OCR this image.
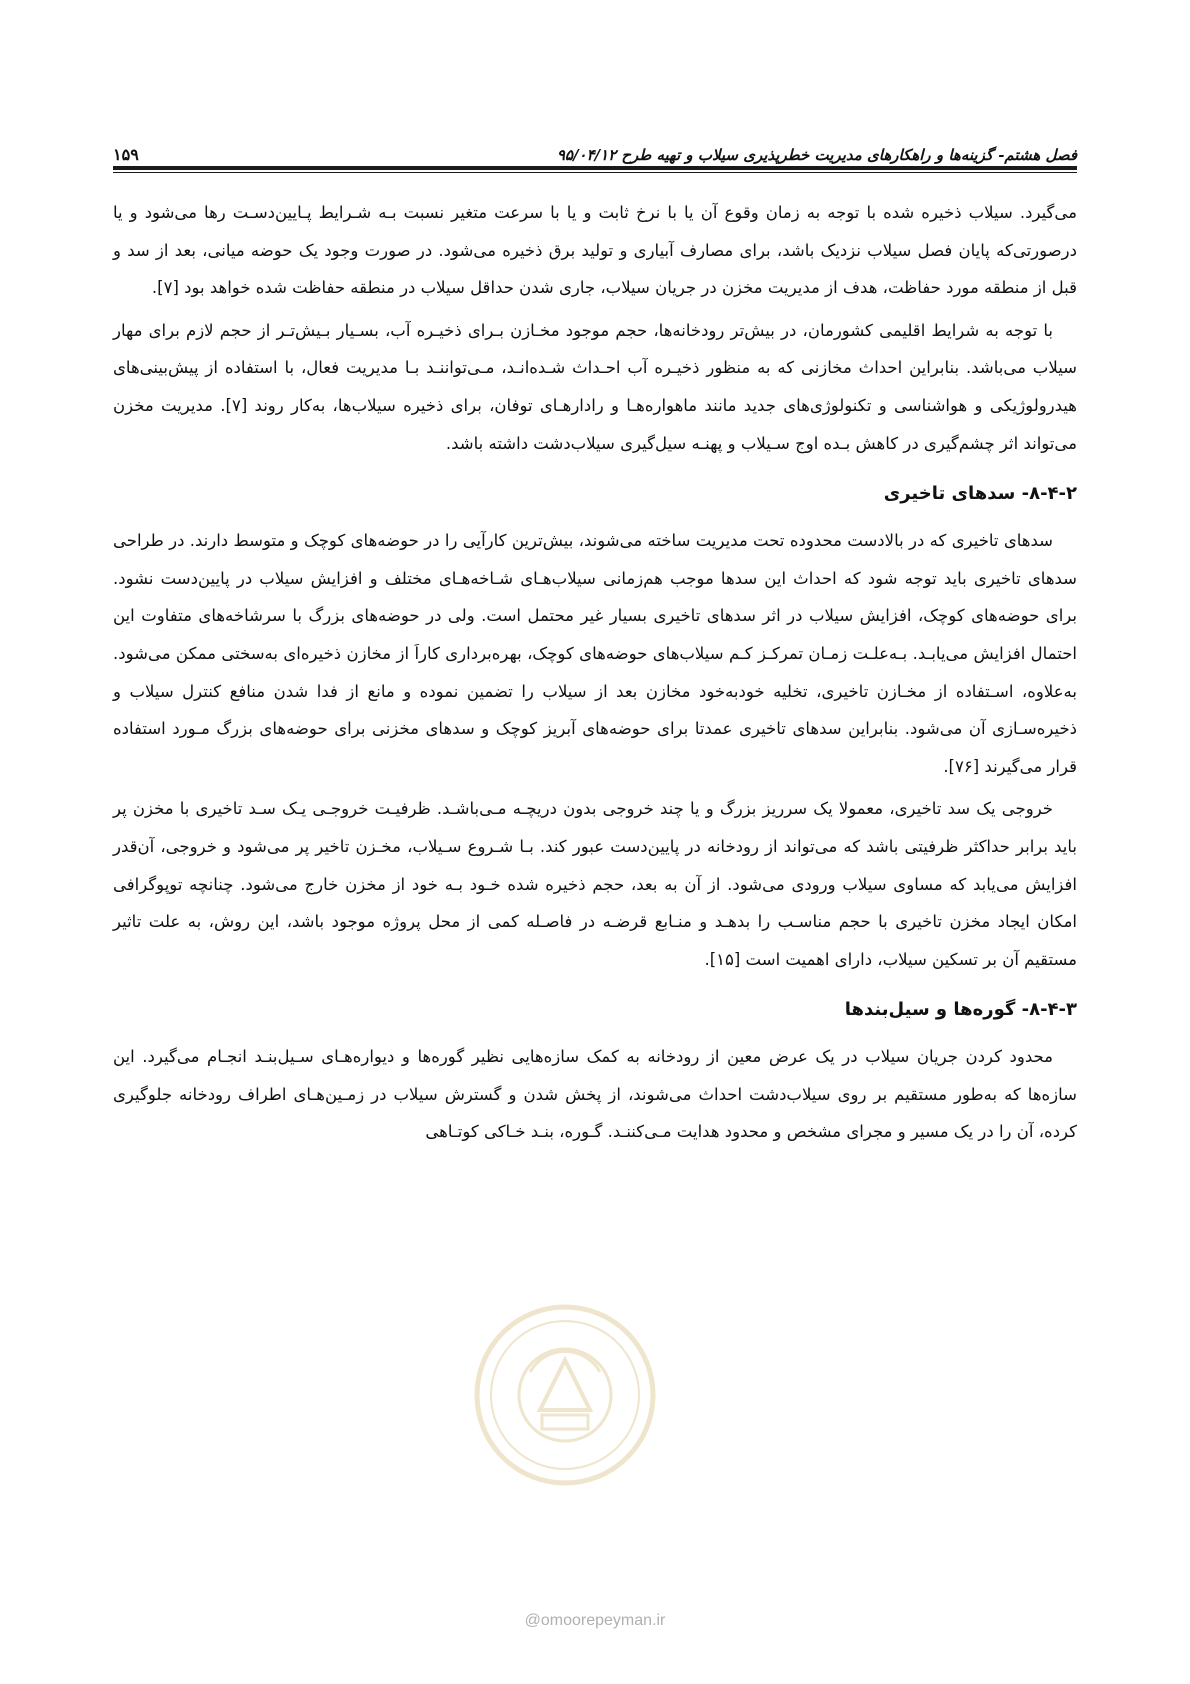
فصل هشتم- گزینه‌ها و راهکارهای مدیریت خطرپذیری سیلاب و تهیه طرح ۹۵/۰۴/۱۲
۱۵۹

می‌گیرد. سیلاب ذخیره شده با توجه به زمان وقوع آن یا با نرخ ثابت و یا با سرعت متغیر نسبت بـه شـرایط پـایین‌دسـت رها می‌شود و یا درصورتی‌که پایان فصل سیلاب نزدیک باشد، برای مصارف آبیاری و تولید برق ذخیره می‌شود. در صورت وجود یک حوضه میانی، بعد از سد و قبل از منطقه مورد حفاظت، هدف از مدیریت مخزن در جریان سیلاب، جاری شدن حداقل سیلاب در منطقه حفاظت شده خواهد بود [۷].

با توجه به شرایط اقلیمی کشورمان، در بیش‌تر رودخانه‌ها، حجم موجود مخـازن بـرای ذخیـره آب، بسـیار بـیش‌تـر از حجم لازم برای مهار سیلاب می‌باشد. بنابراین احداث مخازنی که به منظور ذخیـره آب احـداث شـده‌انـد، مـی‌تواننـد بـا مدیریت فعال، با استفاده از پیش‌بینی‌های هیدرولوژیکی و هواشناسی و تکنولوژی‌های جدید مانند ماهواره‌هـا و رادارهـای توفان، برای ذخیره سیلاب‌ها، به‌کار روند [۷]. مدیریت مخزن می‌تواند اثر چشم‌گیری در کاهش بـده اوج سـیلاب و پهنـه سیل‌گیری سیلاب‌دشت داشته باشد.

۸-۴-۲- سدهای تاخیری

سدهای تاخیری که در بالادست محدوده تحت مدیریت ساخته می‌شوند، بیش‌ترین کارآیی را در حوضه‌های کوچک و متوسط دارند. در طراحی سدهای تاخیری باید توجه شود که احداث این سدها موجب هم‌زمانی سیلاب‌هـای شـاخه‌هـای مختلف و افزایش سیلاب در پایین‌دست نشود. برای حوضه‌های کوچک، افزایش سیلاب در اثر سدهای تاخیری بسیار غیر محتمل است. ولی در حوضه‌های بزرگ با سرشاخه‌های متفاوت این احتمال افزایش می‌یابـد. بـه‌علـت زمـان تمرکـز کـم سیلاب‌های حوضه‌های کوچک، بهره‌برداری کاراَ از مخازن ذخیره‌ای به‌سختی ممکن می‌شود. به‌علاوه، اسـتفاده از مخـازن تاخیری، تخلیه خودبه‌خود مخازن بعد از سیلاب را تضمین نموده و مانع از فدا شدن منافع کنترل سیلاب و ذخیره‌سـازی آن می‌شود. بنابراین سدهای تاخیری عمدتا برای حوضه‌های آبریز کوچک و سدهای مخزنی برای حوضه‌های بزرگ مـورد استفاده قرار می‌گیرند [۷۶].

خروجی یک سد تاخیری، معمولا یک سرریز بزرگ و یا چند خروجی بدون دریچـه مـی‌باشـد. ظرفیـت خروجـی یـک سـد تاخیری با مخزن پر باید برابر حداکثر ظرفیتی باشد که می‌تواند از رودخانه در پایین‌دست عبور کند. بـا شـروع سـیلاب، مخـزن تاخیر پر می‌شود و خروجی، آن‌قدر افزایش می‌یابد که مساوی سیلاب ورودی می‌شود. از آن به بعد، حجم ذخیره شده خـود بـه خود از مخزن خارج می‌شود. چنانچه توپوگرافی امکان ایجاد مخزن تاخیری با حجم مناسـب را بدهـد و منـابع قرضـه در فاصـله کمی از محل پروژه موجود باشد، این روش، به علت تاثیر مستقیم آن بر تسکین سیلاب، دارای اهمیت است [۱۵].

۸-۴-۳- گوره‌ها و سیل‌بندها

محدود کردن جریان سیلاب در یک عرض معین از رودخانه به کمک سازه‌هایی نظیر گوره‌ها و دیواره‌هـای سـیل‌بنـد انجـام می‌گیرد. این سازه‌ها که به‌طور مستقیم بر روی سیلاب‌دشت احداث می‌شوند، از پخش شدن و گسترش سیلاب در زمـین‌هـای اطراف رودخانه جلوگیری کرده، آن را در یک مسیر و مجرای مشخص و محدود هدایت مـی‌کننـد. گـوره، بنـد خـاکی کوتـاهی

@omoorepeyman.ir
